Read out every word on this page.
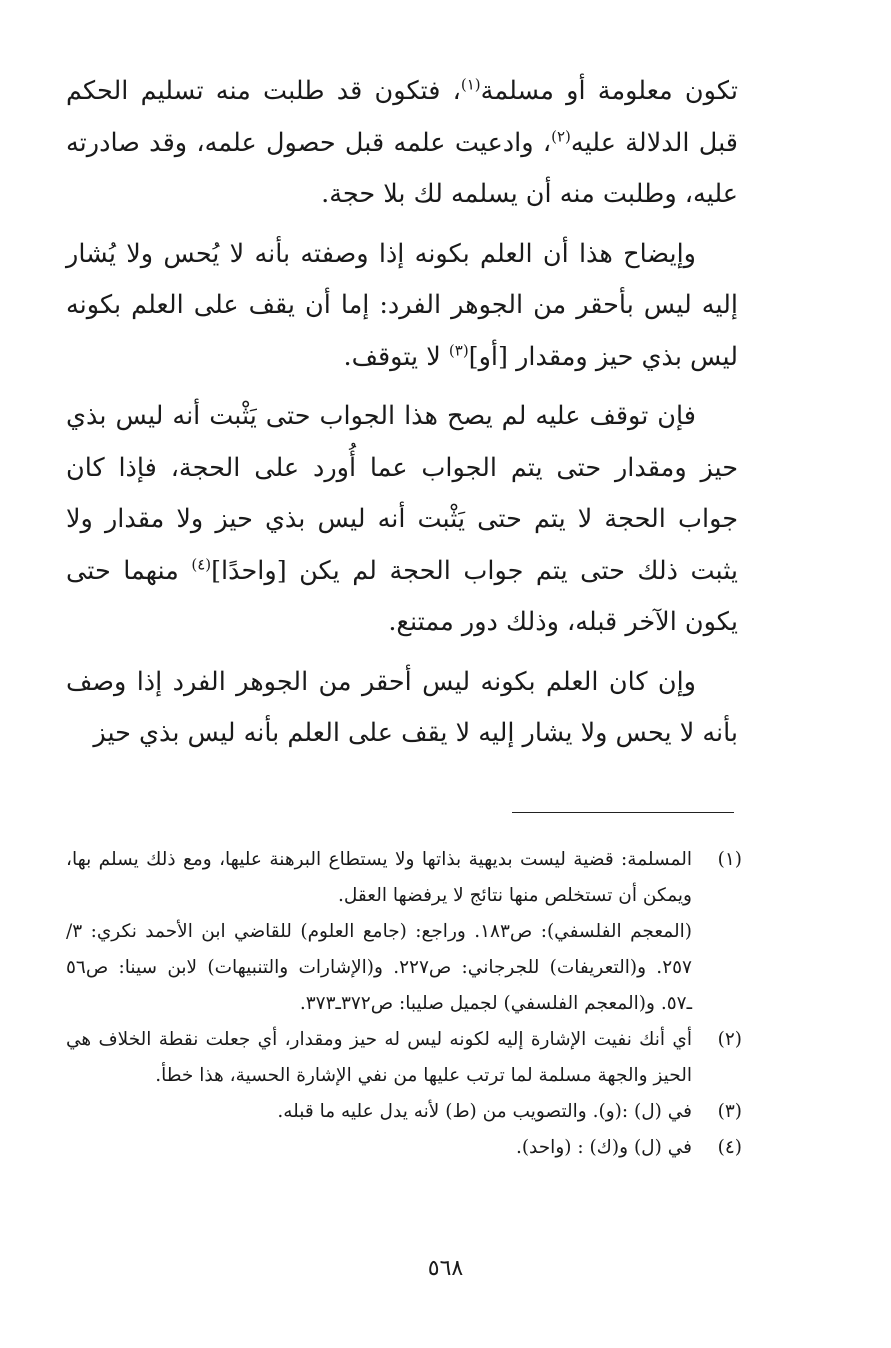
تكون معلومة أو مسلمة$^{(١)}$، فتكون قد طلبت منه تسليم الحكم قبل الدلالة عليه$^{(٢)}$، وادعيت علمه قبل حصول علمه، وقد صادرته عليه، وطلبت منه أن يسلمه لك بلا حجة.

وإيضاح هذا أن العلم بكونه إذا وصفته بأنه لا يُحس ولا يُشار إليه ليس بأحقر من الجوهر الفرد: إما أن يقف على العلم بكونه ليس بذي حيز ومقدار [أو]$^{(٣)}$ لا يتوقف.

فإن توقف عليه لم يصح هذا الجواب حتى يَثْبت أنه ليس بذي حيز ومقدار حتى يتم الجواب عما أُورد على الحجة، فإذا كان جواب الحجة لا يتم حتى يَثْبت أنه ليس بذي حيز ولا مقدار ولا يثبت ذلك حتى يتم جواب الحجة لم يكن [واحدًا]$^{(٤)}$ منهما حتى يكون الآخر قبله، وذلك دور ممتنع.

وإن كان العلم بكونه ليس أحقر من الجوهر الفرد إذا وصف بأنه لا يحس ولا يشار إليه لا يقف على العلم بأنه ليس بذي حيز

(١)
المسلمة: قضية ليست بديهية بذاتها ولا يستطاع البرهنة عليها، ومع ذلك يسلم بها، ويمكن أن تستخلص منها نتائج لا يرفضها العقل.
(المعجم الفلسفي): ص١٨٣. وراجع: (جامع العلوم) للقاضي ابن الأحمد نكري: ٣/ ٢٥٧. و(التعريفات) للجرجاني: ص٢٢٧. و(الإشارات والتنبيهات) لابن سينا: ص٥٦ ـ٥٧. و(المعجم الفلسفي) لجميل صليبا: ص٣٧٢ـ٣٧٣.
(٢)
أي أنك نفيت الإشارة إليه لكونه ليس له حيز ومقدار، أي جعلت نقطة الخلاف هي الحيز والجهة مسلمة لما ترتب عليها من نفي الإشارة الحسية، هذا خطأ.
(٣)
في (ل) :(و). والتصويب من (ط) لأنه يدل عليه ما قبله.
(٤)
في (ل) و(ك) : (واحد).
٥٦٨
